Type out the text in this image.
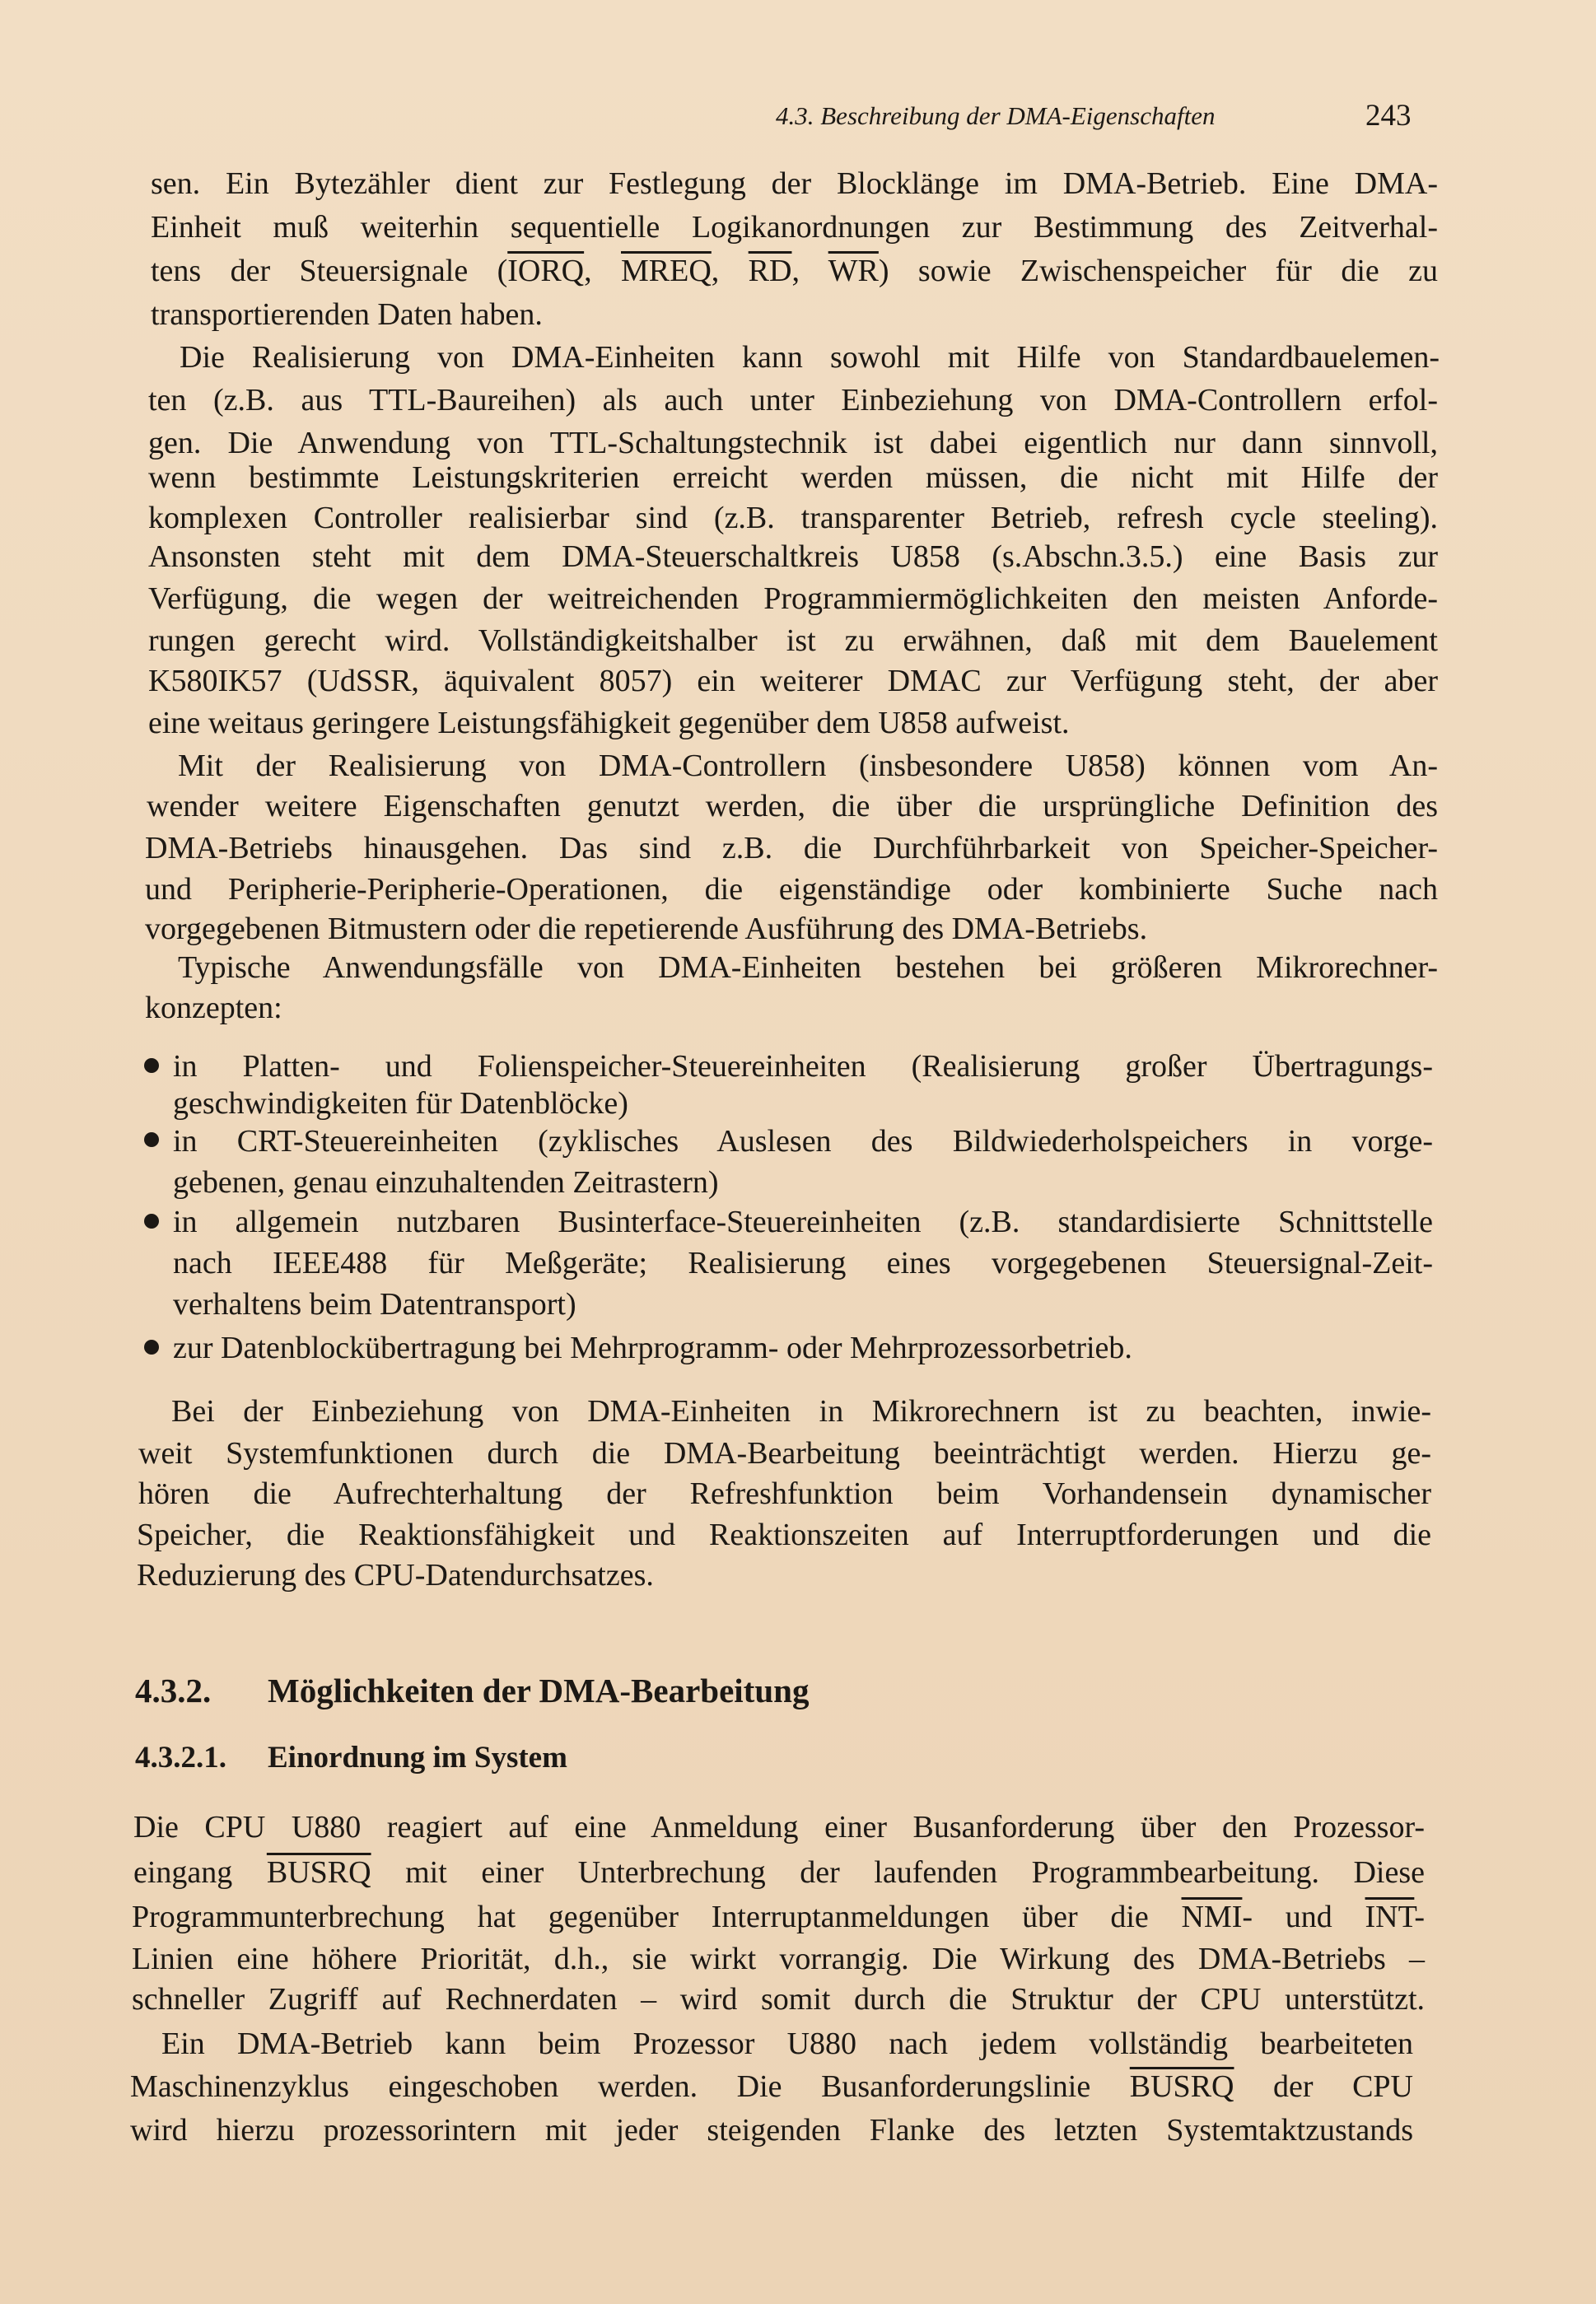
4.3. Beschreibung der DMA-Eigenschaften	243
sen. Ein Bytezähler dient zur Festlegung der Blocklänge im DMA-Betrieb. Eine DMA-
Einheit muß weiterhin sequentielle Logikanordnungen zur Bestimmung des Zeitverhal-
tens der Steuersignale (IORQ, MREQ, $\overline{RD}$, $\overline{WR}$) sowie Zwischenspeicher für die zu
transportierenden Daten haben.
Die Realisierung von DMA-Einheiten kann sowohl mit Hilfe von Standardbauelemen-
ten (z.B. aus TTL-Baureihen) als auch unter Einbeziehung von DMA-Controllern erfol-
gen. Die Anwendung von TTL-Schaltungstechnik ist dabei eigentlich nur dann sinnvoll,
wenn bestimmte Leistungskriterien erreicht werden müssen, die nicht mit Hilfe der
komplexen Controller realisierbar sind (z.B. transparenter Betrieb, refresh cycle steeling).
Ansonsten steht mit dem DMA-Steuerschaltkreis U858 (s.Abschn.3.5.) eine Basis zur
Verfügung, die wegen der weitreichenden Programmiermöglichkeiten den meisten Anforde-
rungen gerecht wird. Vollständigkeitshalber ist zu erwähnen, daß mit dem Bauelement
K580IK57 (UdSSR, äquivalent 8057) ein weiterer DMAC zur Verfügung steht, der aber
eine weitaus geringere Leistungsfähigkeit gegenüber dem U858 aufweist.
Mit der Realisierung von DMA-Controllern (insbesondere U858) können vom An-
wender weitere Eigenschaften genutzt werden, die über die ursprüngliche Definition des
DMA-Betriebs hinausgehen. Das sind z.B. die Durchführbarkeit von Speicher-Speicher-
und Peripherie-Peripherie-Operationen, die eigenständige oder kombinierte Suche nach
vorgegebenen Bitmustern oder die repetierende Ausführung des DMA-Betriebs.
Typische Anwendungsfälle von DMA-Einheiten bestehen bei größeren Mikrorechner-
konzepten:
in Platten- und Folienspeicher-Steuereinheiten (Realisierung großer Übertragungs-
geschwindigkeiten für Datenblöcke)
in CRT-Steuereinheiten (zyklisches Auslesen des Bildwiederholspeichers in vorge-
gebenen, genau einzuhaltenden Zeitrastern)
in allgemein nutzbaren Businterface-Steuereinheiten (z.B. standardisierte Schnittstelle
nach IEEE488 für Meßgeräte; Realisierung eines vorgegebenen Steuersignal-Zeit-
verhaltens beim Datentransport)
zur Datenblockübertragung bei Mehrprogramm- oder Mehrprozessorbetrieb.
Bei der Einbeziehung von DMA-Einheiten in Mikrorechnern ist zu beachten, inwie-
weit Systemfunktionen durch die DMA-Bearbeitung beeinträchtigt werden. Hierzu ge-
hören die Aufrechterhaltung der Refreshfunktion beim Vorhandensein dynamischer
Speicher, die Reaktionsfähigkeit und Reaktionszeiten auf Interruptforderungen und die
Reduzierung des CPU-Datendurchsatzes.
4.3.2. Möglichkeiten der DMA-Bearbeitung
4.3.2.1. Einordnung im System
Die CPU U880 reagiert auf eine Anmeldung einer Busanforderung über den Prozessor-
eingang BUSRQ mit einer Unterbrechung der laufenden Programmbearbeitung. Diese
Programmunterbrechung hat gegenüber Interruptanmeldungen über die $\overline{NMI}-$ und $\overline{INT}-$
Linien eine höhere Priorität, d.h., sie wirkt vorrangig. Die Wirkung des DMA-Betriebs –
schneller Zugriff auf Rechnerdaten – wird somit durch die Struktur der CPU unterstützt.
Ein DMA-Betrieb kann beim Prozessor U880 nach jedem vollständig bearbeiteten
Maschinenzyklus eingeschoben werden. Die Busanforderungslinie BUSRQ der CPU
wird hierzu prozessorintern mit jeder steigenden Flanke des letzten Systemtaktzustands
